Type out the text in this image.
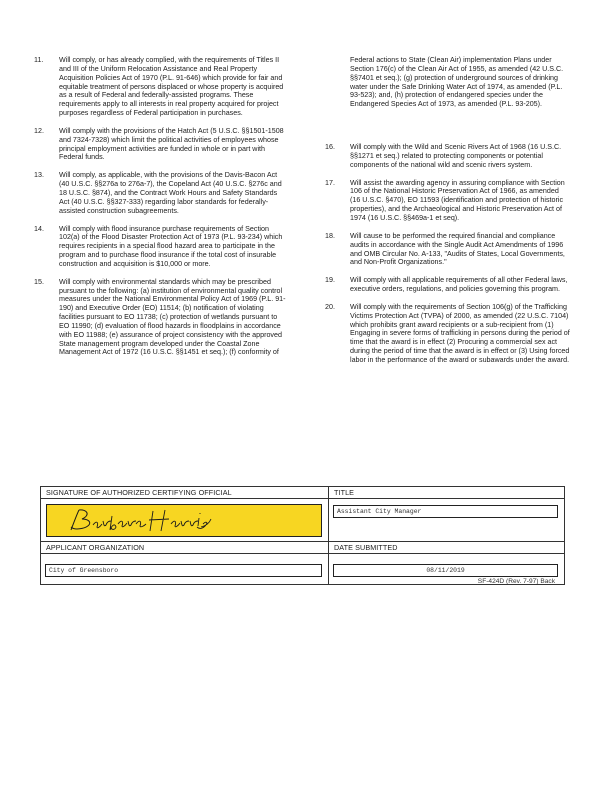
11. Will comply, or has already complied, with the requirements of Titles II and III of the Uniform Relocation Assistance and Real Property Acquisition Policies Act of 1970 (P.L. 91-646) which provide for fair and equitable treatment of persons displaced or whose property is acquired as a result of Federal and federally-assisted programs. These requirements apply to all interests in real property acquired for project purposes regardless of Federal participation in purchases.
12. Will comply with the provisions of the Hatch Act (5 U.S.C. §§1501-1508 and 7324-7328) which limit the political activities of employees whose principal employment activities are funded in whole or in part with Federal funds.
13. Will comply, as applicable, with the provisions of the Davis-Bacon Act (40 U.S.C. §§276a to 276a-7), the Copeland Act (40 U.S.C. §276c and 18 U.S.C. §874), and the Contract Work Hours and Safety Standards Act (40 U.S.C. §§327-333) regarding labor standards for federally-assisted construction subagreements.
14. Will comply with flood insurance purchase requirements of Section 102(a) of the Flood Disaster Protection Act of 1973 (P.L. 93-234) which requires recipients in a special flood hazard area to participate in the program and to purchase flood insurance if the total cost of insurable construction and acquisition is $10,000 or more.
15. Will comply with environmental standards which may be prescribed pursuant to the following: (a) institution of environmental quality control measures under the National Environmental Policy Act of 1969 (P.L. 91-190) and Executive Order (EO) 11514; (b) notification of violating facilities pursuant to EO 11738; (c) protection of wetlands pursuant to EO 11990; (d) evaluation of flood hazards in floodplains in accordance with EO 11988; (e) assurance of project consistency with the approved State management program developed under the Coastal Zone Management Act of 1972 (16 U.S.C. §§1451 et seq.); (f) conformity of
Federal actions to State (Clean Air) implementation Plans under Section 176(c) of the Clean Air Act of 1955, as amended (42 U.S.C. §§7401 et seq.); (g) protection of underground sources of drinking water under the Safe Drinking Water Act of 1974, as amended (P.L. 93-523); and, (h) protection of endangered species under the Endangered Species Act of 1973, as amended (P.L. 93-205).
16. Will comply with the Wild and Scenic Rivers Act of 1968 (16 U.S.C. §§1271 et seq.) related to protecting components or potential components of the national wild and scenic rivers system.
17. Will assist the awarding agency in assuring compliance with Section 106 of the National Historic Preservation Act of 1966, as amended (16 U.S.C. §470), EO 11593 (identification and protection of historic properties), and the Archaeological and Historic Preservation Act of 1974 (16 U.S.C. §§469a-1 et seq).
18. Will cause to be performed the required financial and compliance audits in accordance with the Single Audit Act Amendments of 1996 and OMB Circular No. A-133, "Audits of States, Local Governments, and Non-Profit Organizations."
19. Will comply with all applicable requirements of all other Federal laws, executive orders, regulations, and policies governing this program.
20. Will comply with the requirements of Section 106(g) of the Trafficking Victims Protection Act (TVPA) of 2000, as amended (22 U.S.C. 7104) which prohibits grant award recipients or a sub-recipient from (1) Engaging in severe forms of trafficking in persons during the period of time that the award is in effect (2) Procuring a commercial sex act during the period of time that the award is in effect or (3) Using forced labor in the performance of the award or subawards under the award.
SIGNATURE OF AUTHORIZED CERTIFYING OFFICIAL	TITLE
Barbara Harris
Assistant City Manager
APPLICANT ORGANIZATION	DATE SUBMITTED
City of Greensboro	08/11/2019
SF-424D (Rev. 7-97) Back
